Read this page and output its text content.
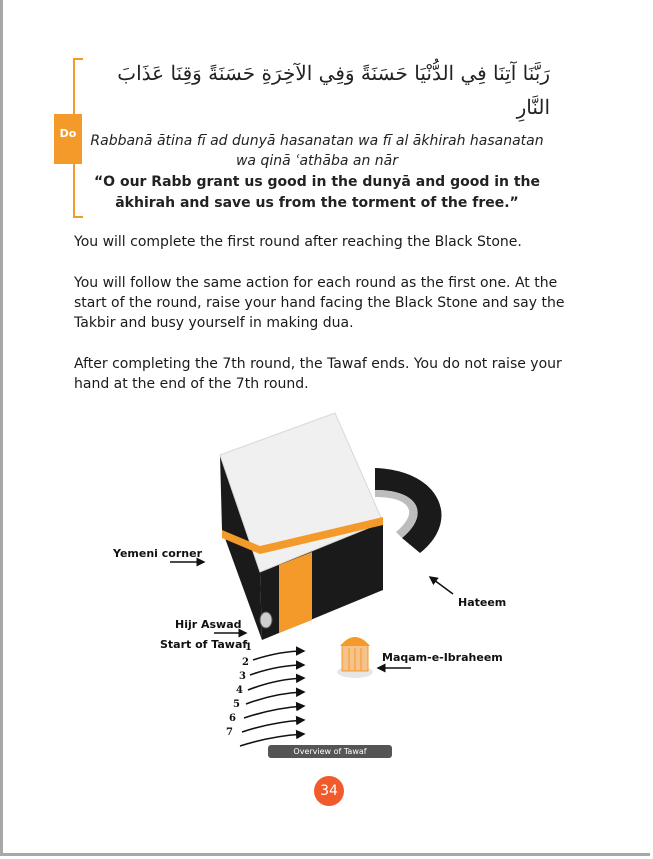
Do
رَبَّنَا آتِنَا فِي الدُّنْيَا حَسَنَةً وَفِي الآخِرَةِ حَسَنَةً وَقِنَا عَذَابَ النَّارِ
Rabbanā ātina fī ad dunyā hasanatan wa fī al ākhirah hasanatan wa qinā ʿathāba an nār
“O our Rabb grant us good in the dunyā and good in the ākhirah and save us from the torment of the free.”

You will complete the first round after reaching the Black Stone.

You will follow the same action for each round as the first one. At the start of the round, raise your hand facing the Black Stone and say the Takbir and busy yourself in making dua.

After completing the 7th round, the Tawaf ends. You do not raise your hand at the end of the 7th round.

Yemeni corner
Hateem
Hijr Aswad
Start of Tawaf
Maqam-e-Ibraheem
1
2
3
4
5
6
7
Overview of Tawaf
34
